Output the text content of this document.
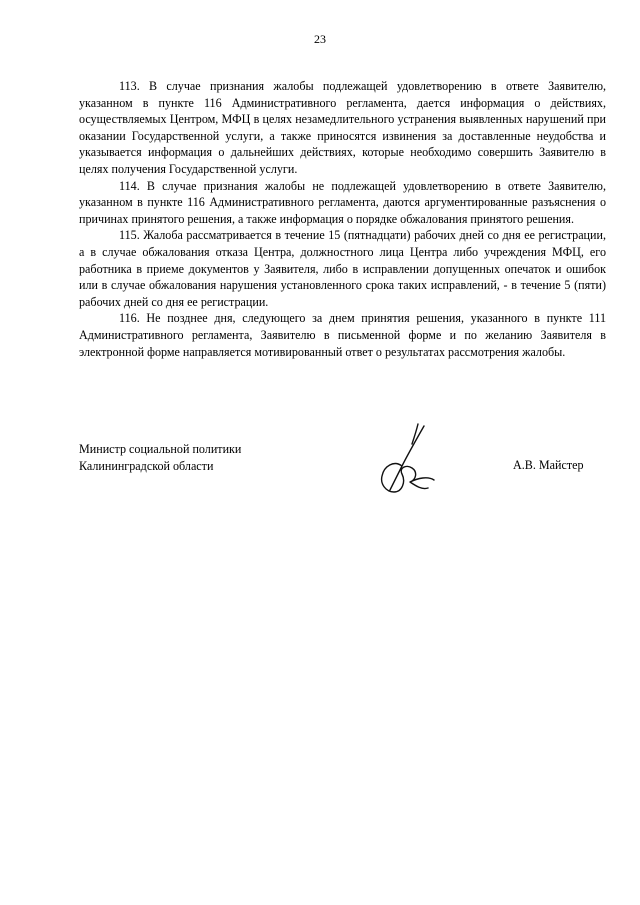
23

113. В случае признания жалобы подлежащей удовлетворению в ответе Заявителю, указанном в пункте 116 Административного регламента, дается информация о действиях, осуществляемых Центром, МФЦ в целях незамедлительного устранения выявленных нарушений при оказании Государственной услуги, а также приносятся извинения за доставленные неудобства и указывается информация о дальнейших действиях, которые необходимо совершить Заявителю в целях получения Государственной услуги.

114. В случае признания жалобы не подлежащей удовлетворению в ответе Заявителю, указанном в пункте 116 Административного регламента, даются аргументированные разъяснения о причинах принятого решения, а также информация о порядке обжалования принятого решения.

115. Жалоба рассматривается в течение 15 (пятнадцати) рабочих дней со дня ее регистрации, а в случае обжалования отказа Центра, должностного лица Центра либо учреждения МФЦ, его работника в приеме документов у Заявителя, либо в исправлении допущенных опечаток и ошибок или в случае обжалования нарушения установленного срока таких исправлений, - в течение 5 (пяти) рабочих дней со дня ее регистрации.

116. Не позднее дня, следующего за днем принятия решения, указанного в пункте 111 Административного регламента, Заявителю в письменной форме и по желанию Заявителя в электронной форме направляется мотивированный ответ о результатах рассмотрения жалобы.

Министр социальной политики
Калининградской области	А.В. Майстер
